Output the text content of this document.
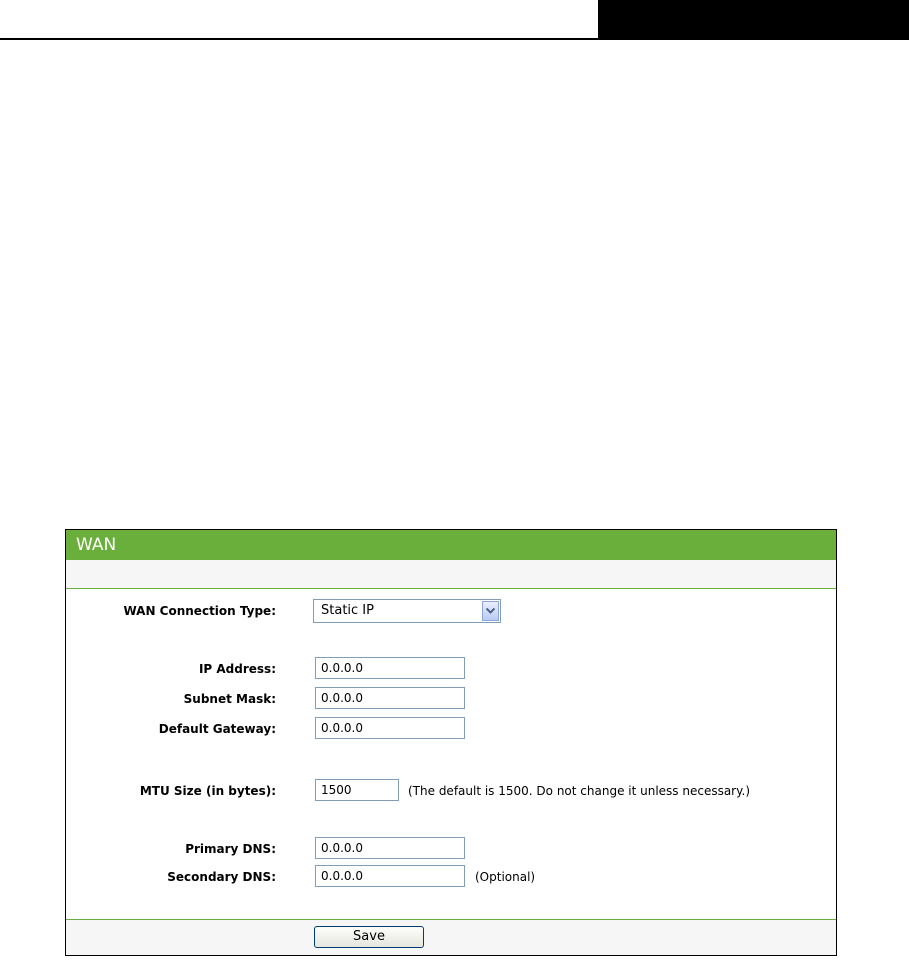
WAN
WAN Connection Type:	Static IP
IP Address:	0.0.0.0
Subnet Mask:	0.0.0.0
Default Gateway:	0.0.0.0
MTU Size (in bytes):	1500	(The default is 1500. Do not change it unless necessary.)
Primary DNS:	0.0.0.0
Secondary DNS:	0.0.0.0	(Optional)
Save
